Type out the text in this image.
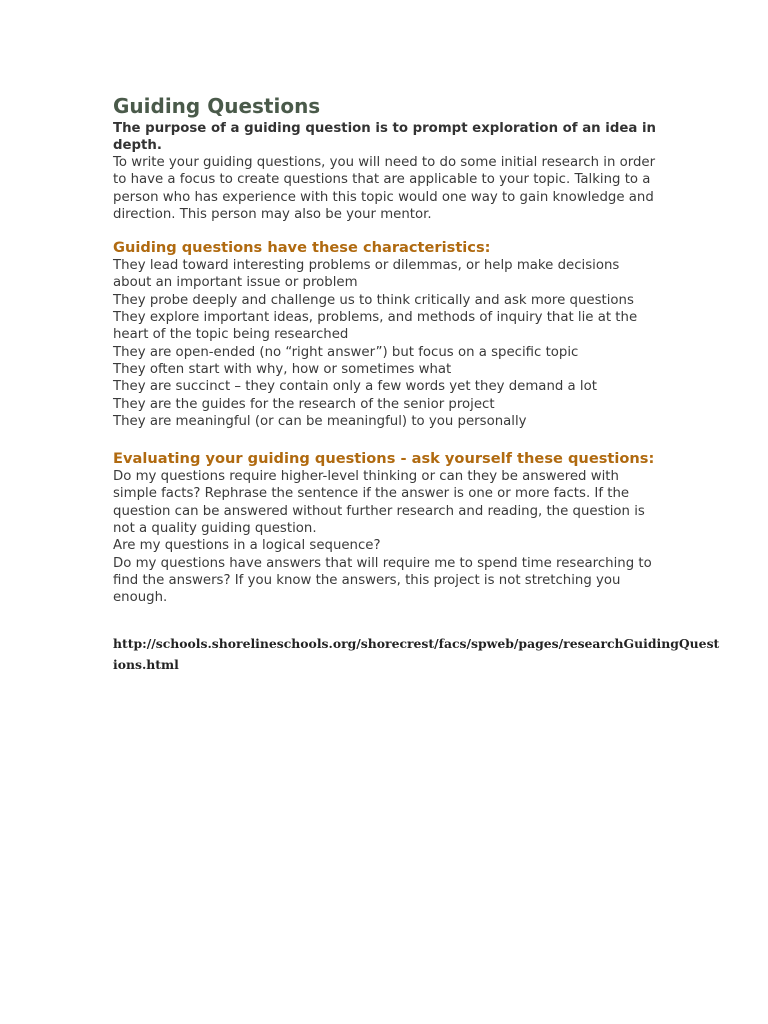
Guiding Questions

The purpose of a guiding question is to prompt exploration of an idea in depth.

To write your guiding questions, you will need to do some initial research in order to have a focus to create questions that are applicable to your topic. Talking to a person who has experience with this topic would one way to gain knowledge and direction. This person may also be your mentor.

Guiding questions have these characteristics:
They lead toward interesting problems or dilemmas, or help make decisions about an important issue or problem
They probe deeply and challenge us to think critically and ask more questions
They explore important ideas, problems, and methods of inquiry that lie at the heart of the topic being researched
They are open-ended (no “right answer”) but focus on a specific topic
They often start with why, how or sometimes what
They are succinct – they contain only a few words yet they demand a lot
They are the guides for the research of the senior project
They are meaningful (or can be meaningful) to you personally
Evaluating your guiding questions - ask yourself these questions:

Do my questions require higher-level thinking or can they be answered with simple facts? Rephrase the sentence if the answer is one or more facts. If the question can be answered without further research and reading, the question is not a quality guiding question.

Are my questions in a logical sequence?

Do my questions have answers that will require me to spend time researching to find the answers? If you know the answers, this project is not stretching you enough.

http://schools.shorelineschools.org/shorecrest/facs/spweb/pages/researchGuidingQuestions.html
